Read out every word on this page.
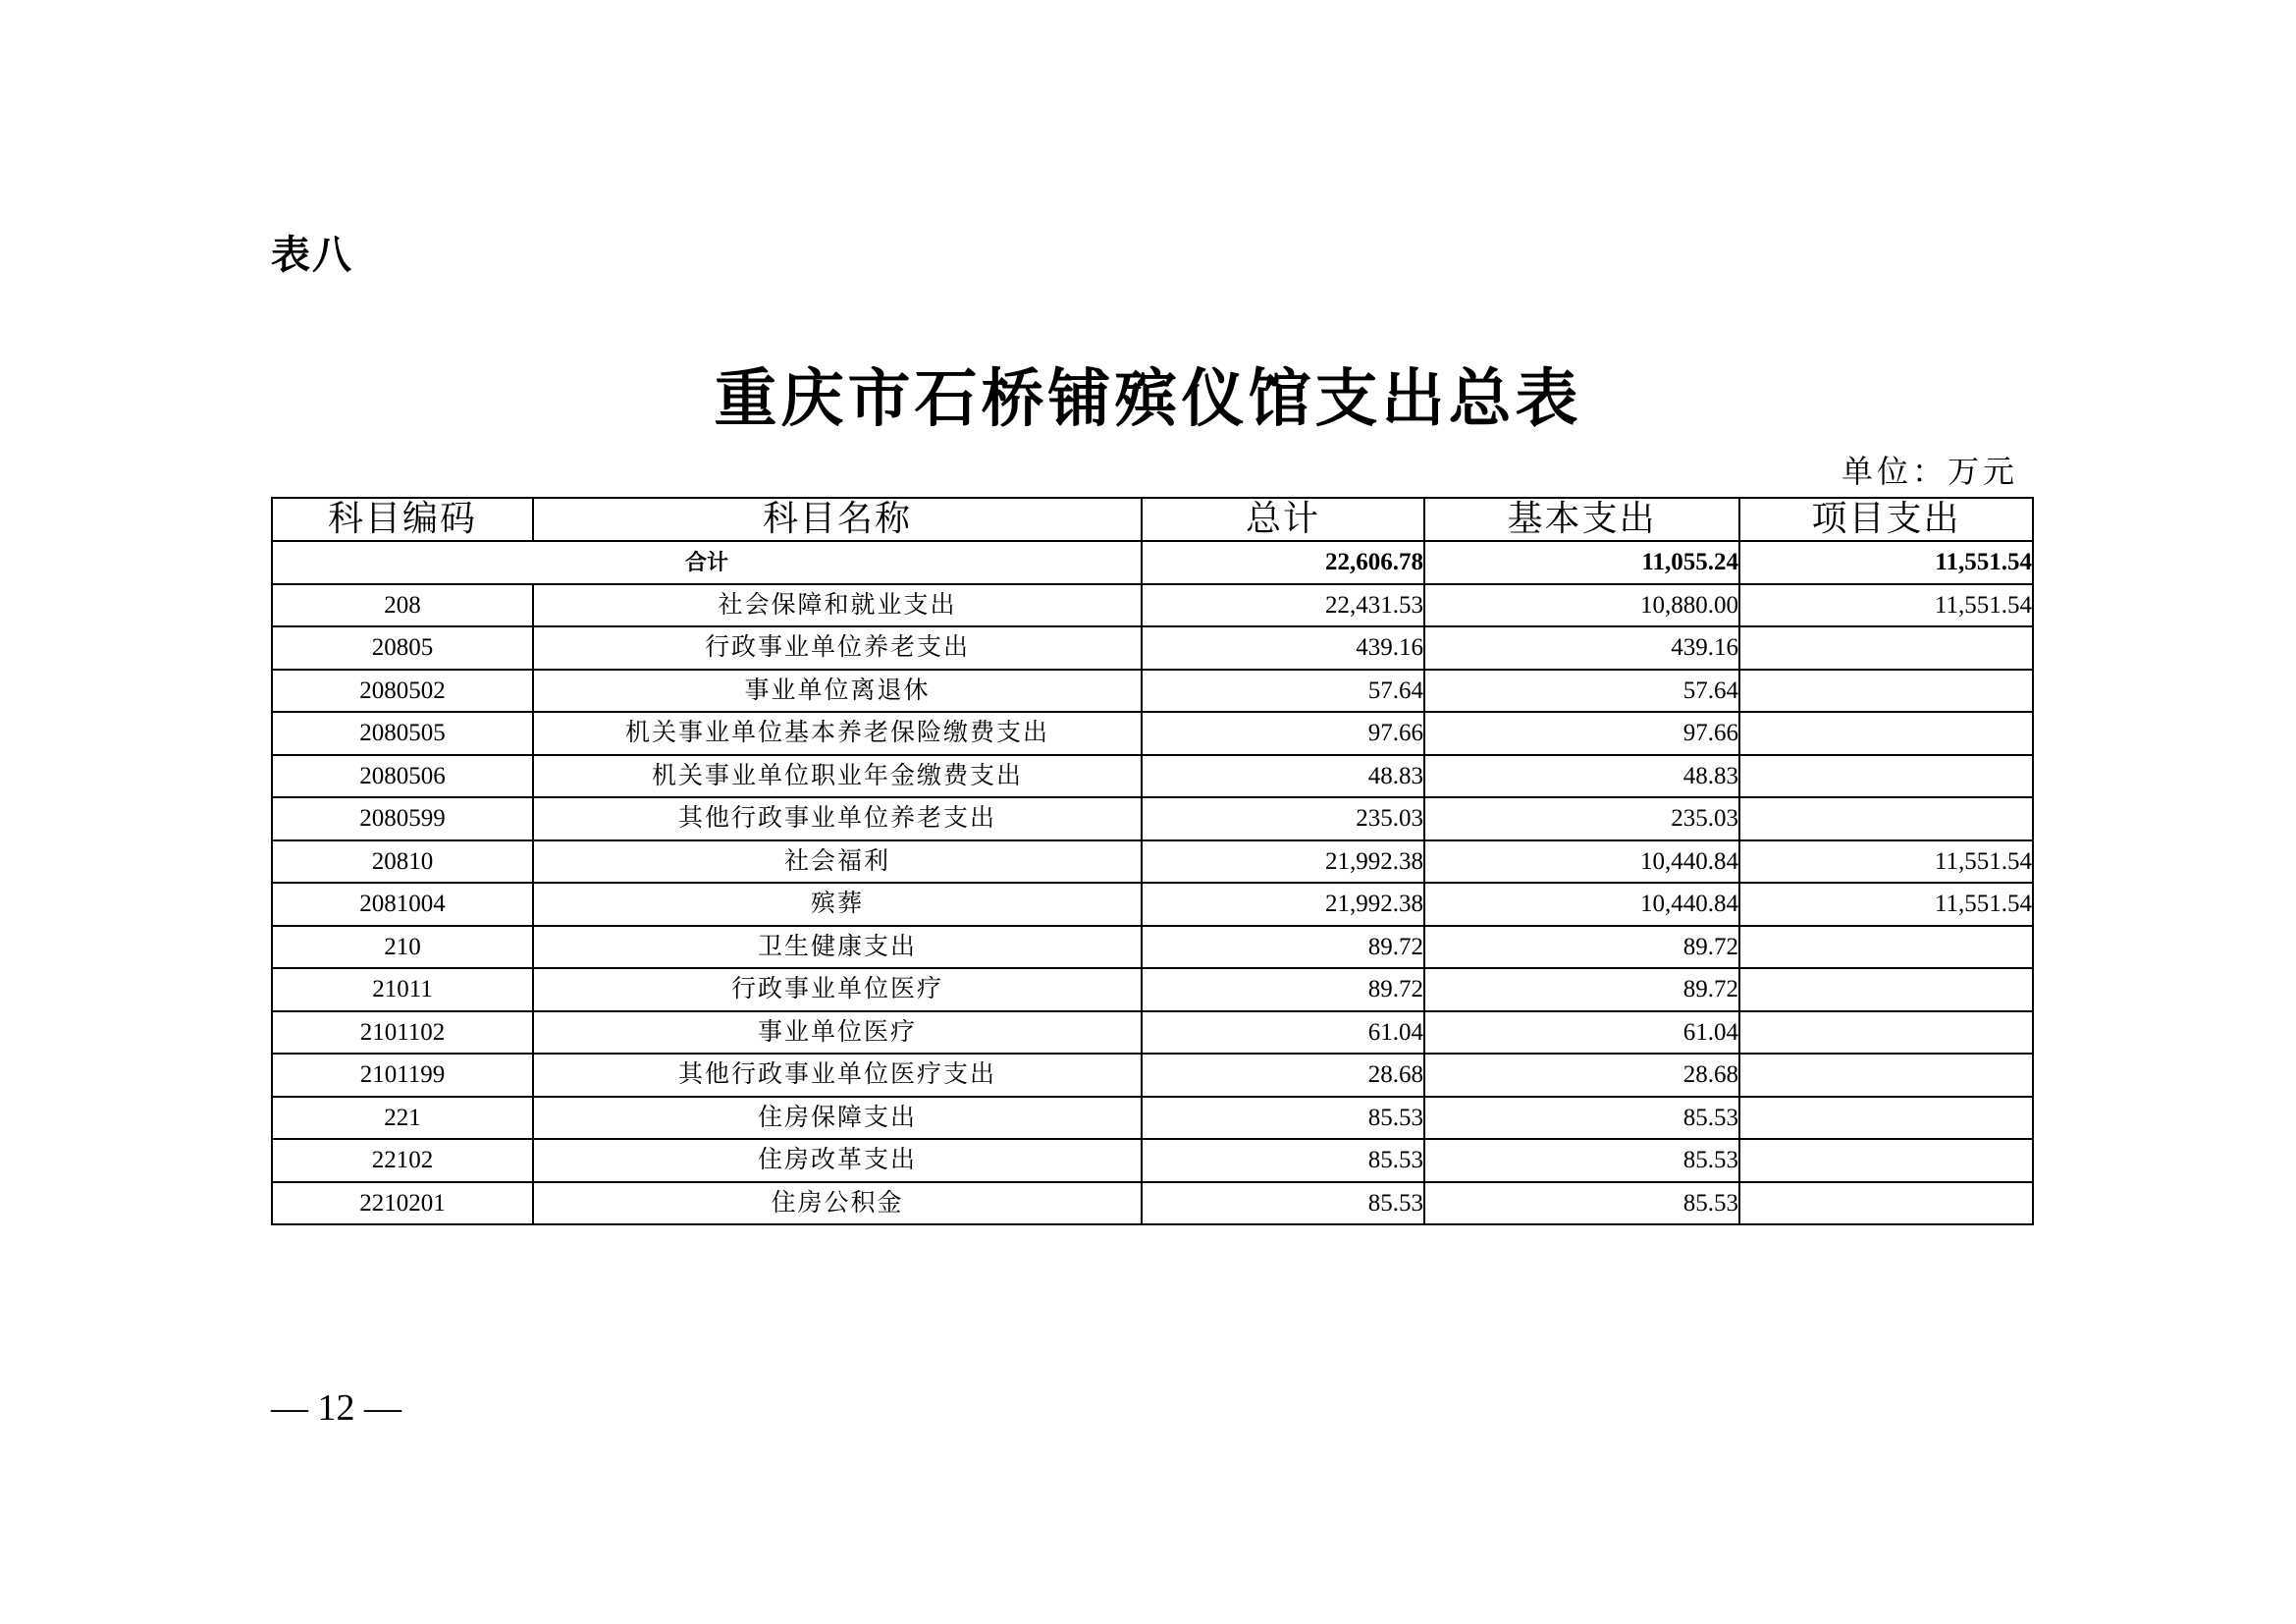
表八
重庆市石桥铺殡仪馆支出总表
单位：万元
科目编码	科目名称	总计	基本支出	项目支出
合计		22,606.78	11,055.24	11,551.54
208	社会保障和就业支出	22,431.53	10,880.00	11,551.54
20805	行政事业单位养老支出	439.16	439.16	
2080502	事业单位离退休	57.64	57.64	
2080505	机关事业单位基本养老保险缴费支出	97.66	97.66	
2080506	机关事业单位职业年金缴费支出	48.83	48.83	
2080599	其他行政事业单位养老支出	235.03	235.03	
20810	社会福利	21,992.38	10,440.84	11,551.54
2081004	殡葬	21,992.38	10,440.84	11,551.54
210	卫生健康支出	89.72	89.72	
21011	行政事业单位医疗	89.72	89.72	
2101102	事业单位医疗	61.04	61.04	
2101199	其他行政事业单位医疗支出	28.68	28.68	
221	住房保障支出	85.53	85.53	
22102	住房改革支出	85.53	85.53	
2210201	住房公积金	85.53	85.53	
— 12 —
